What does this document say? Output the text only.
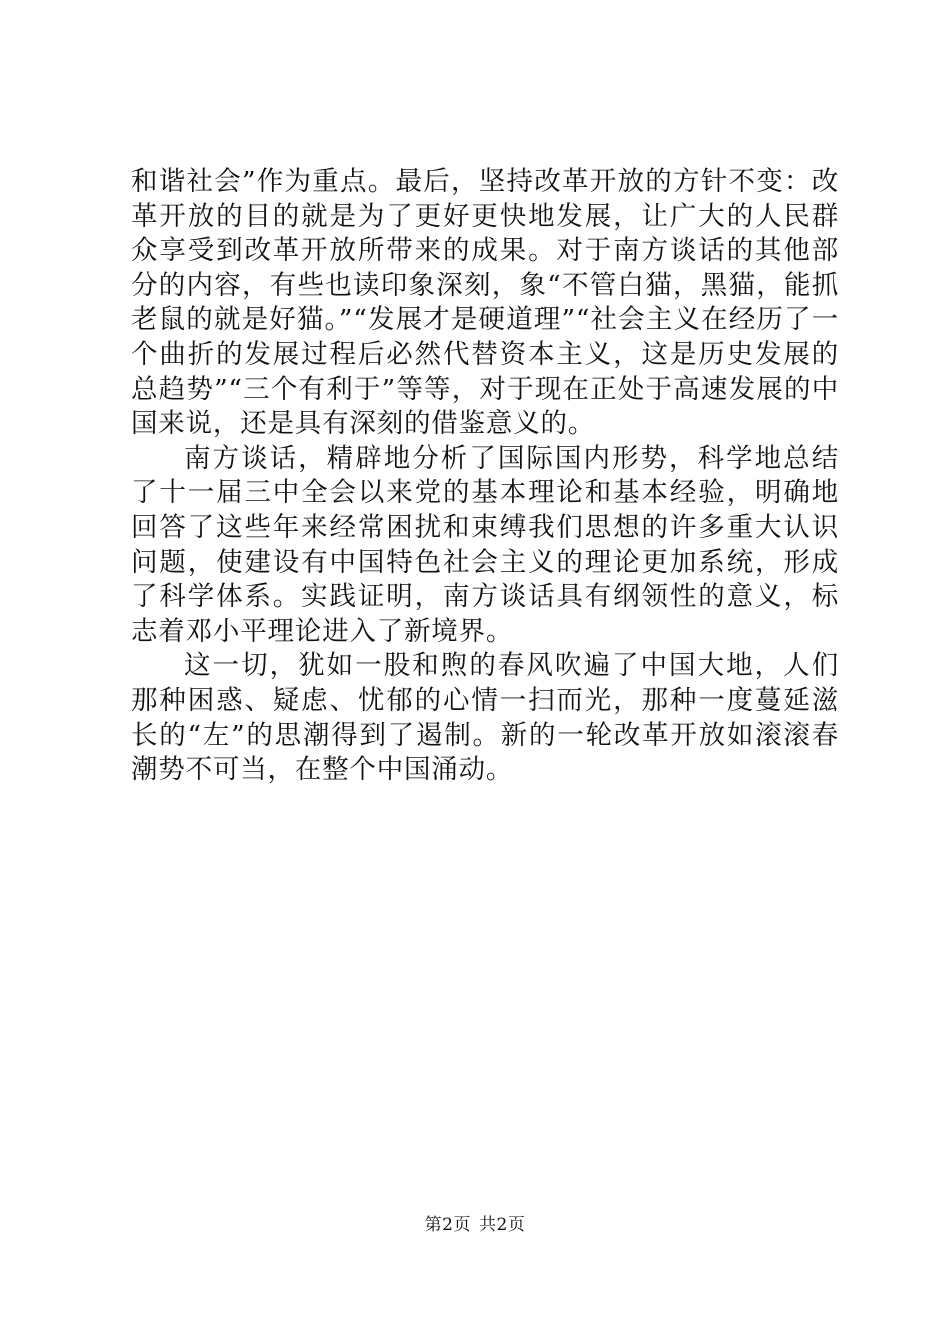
和谐社会”作为重点。最后，坚持改革开放的方针不变：改革开放的目的就是为了更好更快地发展，让广大的人民群众享受到改革开放所带来的成果。对于南方谈话的其他部分的内容，有些也读印象深刻，象“不管白猫，黑猫，能抓老鼠的就是好猫。”“发展才是硬道理”“社会主义在经历了一个曲折的发展过程后必然代替资本主义，这是历史发展的总趋势”“三个有利于”等等，对于现在正处于高速发展的中国来说，还是具有深刻的借鉴意义的。

南方谈话，精辟地分析了国际国内形势，科学地总结了十一届三中全会以来党的基本理论和基本经验，明确地回答了这些年来经常困扰和束缚我们思想的许多重大认识问题，使建设有中国特色社会主义的理论更加系统，形成了科学体系。实践证明，南方谈话具有纲领性的意义，标志着邓小平理论进入了新境界。

这一切，犹如一股和煦的春风吹遍了中国大地，人们那种困惑、疑虑、忧郁的心情一扫而光，那种一度蔓延滋长的“左”的思潮得到了遏制。新的一轮改革开放如滚滚春潮势不可当，在整个中国涌动。

第2页 共2页
